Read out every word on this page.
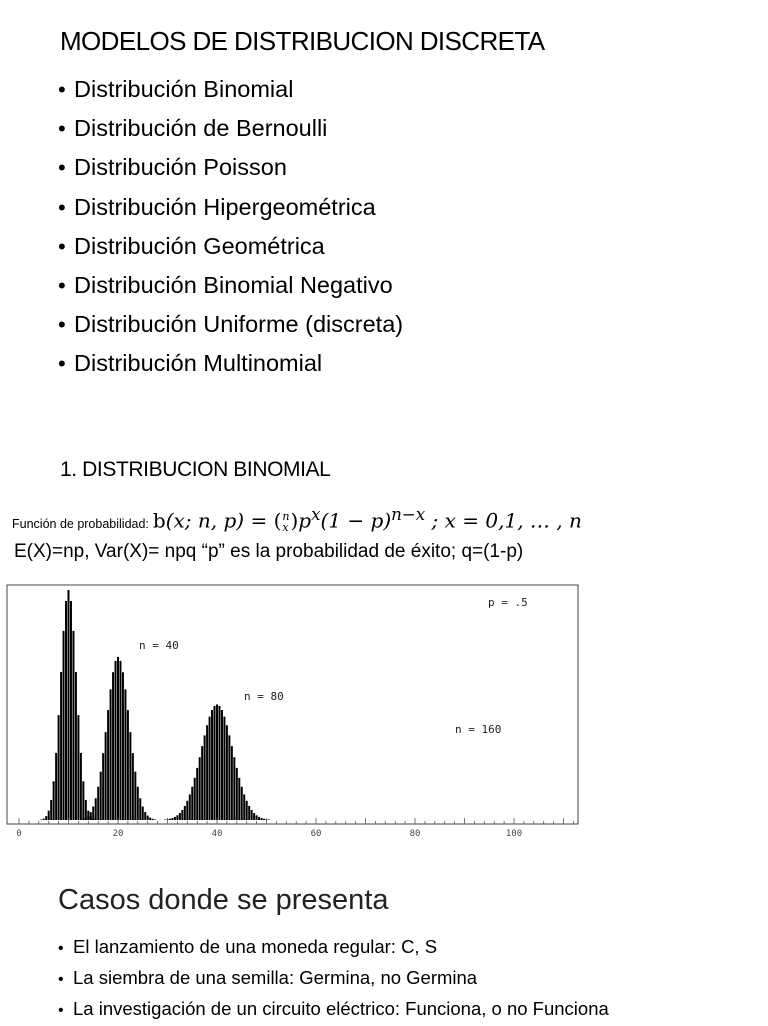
MODELOS DE DISTRIBUCION DISCRETA
• Distribución Binomial
• Distribución de Bernoulli
• Distribución Poisson
• Distribución Hipergeométrica
• Distribución Geométrica
• Distribución Binomial Negativo
• Distribución Uniforme (discreta)
• Distribución Multinomial
1. DISTRIBUCION BINOMIAL
Función de probabilidad: b(x; n, p) = ( n
x )$p^x(1 - p)^{n-x}$ ; x = 0,1, … , n
E(X)=np, Var(X)= npq “p” es la probabilidad de éxito; q=(1-p)
0	20	40	60	80	100
p = .5
n = 40
n = 80
n = 160
Casos donde se presenta
• El lanzamiento de una moneda regular: C, S
• La siembra de una semilla: Germina, no Germina
• La investigación de un circuito eléctrico: Funciona, o no Funciona
